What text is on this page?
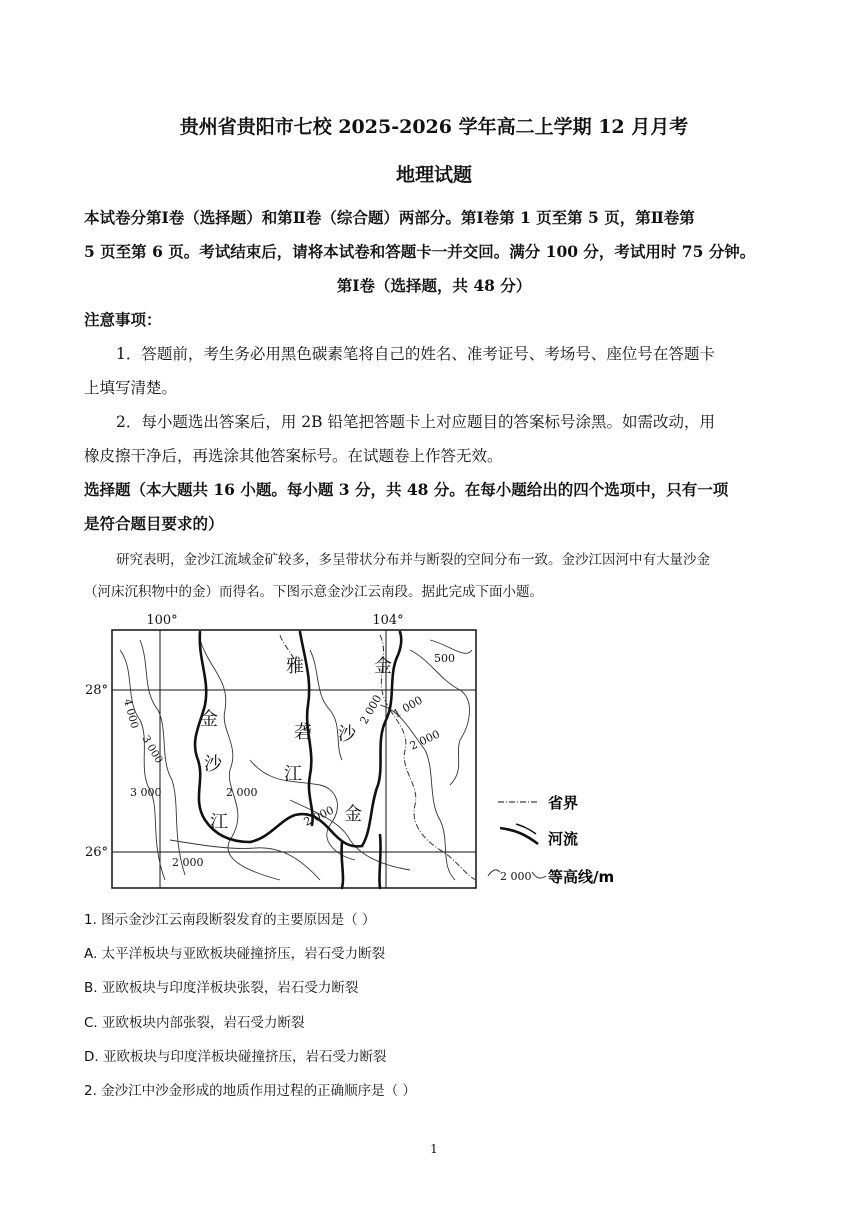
贵州省贵阳市七校 2025-2026 学年高二上学期 12 月月考
地理试题
本试卷分第Ⅰ卷（选择题）和第Ⅱ卷（综合题）两部分。第Ⅰ卷第 1 页至第 5 页，第Ⅱ卷第
5 页至第 6 页。考试结束后，请将本试卷和答题卡一并交回。满分 100 分，考试用时 75 分钟。
第Ⅰ卷（选择题，共 48 分）
注意事项：
1．答题前，考生务必用黑色碳素笔将自己的姓名、准考证号、考场号、座位号在答题卡
上填写清楚。
2．每小题选出答案后，用 2B 铅笔把答题卡上对应题目的答案标号涂黑。如需改动，用
橡皮擦干净后，再选涂其他答案标号。在试题卷上作答无效。
选择题（本大题共 16 小题。每小题 3 分，共 48 分。在每小题给出的四个选项中，只有一项
是符合题目要求的）
研究表明，金沙江流域金矿较多，多呈带状分布并与断裂的空间分布一致。金沙江因河中有大量沙金
（河床沉积物中的金）而得名。下图示意金沙江云南段。据此完成下面小题。
100°	104°
28°
26°
金
沙
江
雅
砻
江
金
沙
金
4 000
3 000
3 000	2 000
2 000
2 000
2 000 1 000
2 000
500
省界
河流
2 000 等高线/m
1. 图示金沙江云南段断裂发育的主要原因是（ ）
A. 太平洋板块与亚欧板块碰撞挤压，岩石受力断裂
B. 亚欧板块与印度洋板块张裂，岩石受力断裂
C. 亚欧板块内部张裂，岩石受力断裂
D. 亚欧板块与印度洋板块碰撞挤压，岩石受力断裂
2. 金沙江中沙金形成的地质作用过程的正确顺序是（ ）
1
